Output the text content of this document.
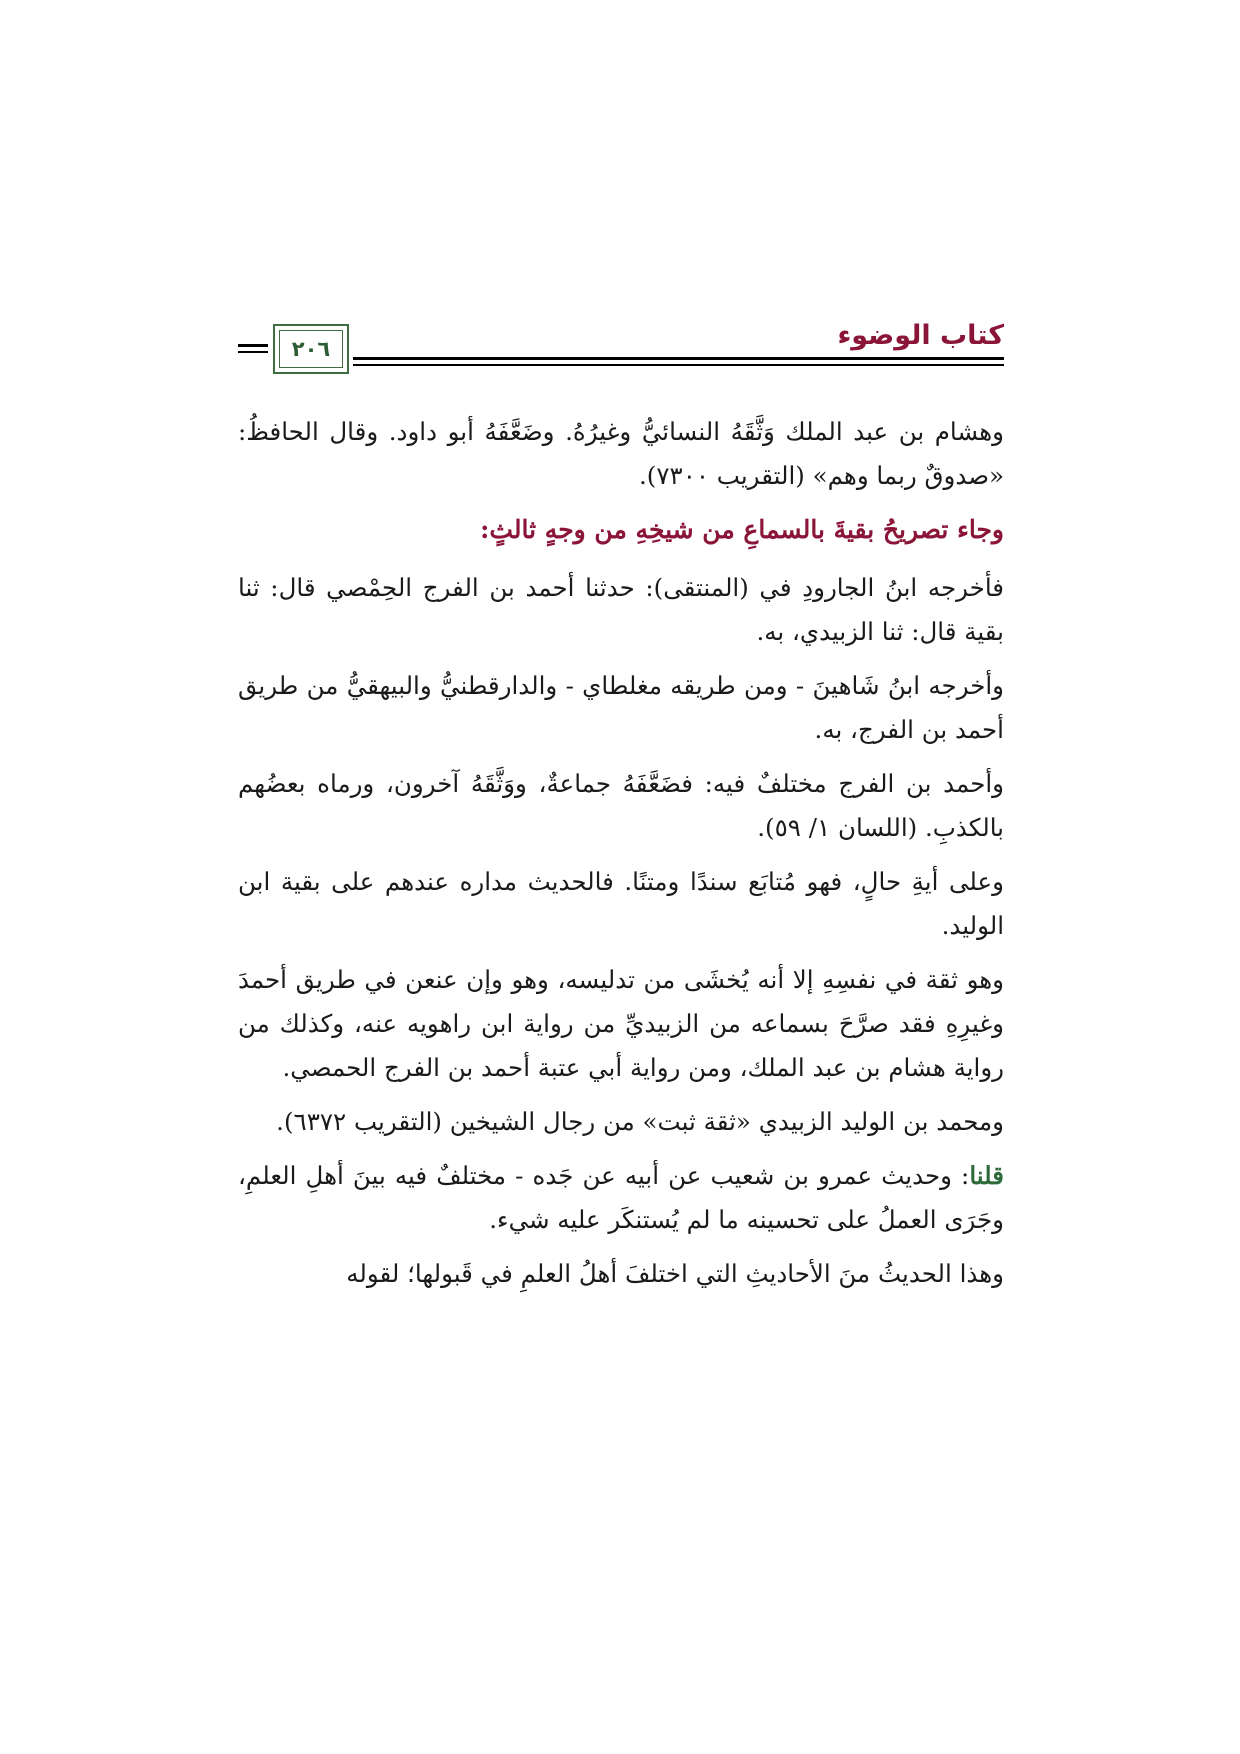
كتاب الوضوء
٢٠٦

وهشام بن عبد الملك وَثَّقَهُ النسائيُّ وغيرُهُ. وضَعَّفَهُ أبو داود. وقال الحافظُ: «صدوقٌ ربما وهم» (التقريب ٧٣٠٠).

وجاء تصريحُ بقيةَ بالسماعِ من شيخِهِ من وجهٍ ثالثٍ:

فأخرجه ابنُ الجارودِ في (المنتقى): حدثنا أحمد بن الفرج الحِمْصي قال: ثنا بقية قال: ثنا الزبيدي، به.

وأخرجه ابنُ شَاهينَ - ومن طريقه مغلطاي - والدارقطنيُّ والبيهقيُّ من طريق أحمد بن الفرج، به.

وأحمد بن الفرج مختلفٌ فيه: فضَعَّفَهُ جماعةٌ، ووَثَّقَهُ آخرون، ورماه بعضُهم بالكذبِ. (اللسان ١/ ٥٩).

وعلى أيةِ حالٍ، فهو مُتابَع سندًا ومتنًا. فالحديث مداره عندهم على بقية ابن الوليد.

وهو ثقة في نفسِهِ إلا أنه يُخشَى من تدليسه، وهو وإن عنعن في طريق أحمدَ وغيرِهِ فقد صرَّحَ بسماعه من الزبيديِّ من رواية ابن راهويه عنه، وكذلك من رواية هشام بن عبد الملك، ومن رواية أبي عتبة أحمد بن الفرج الحمصي.

ومحمد بن الوليد الزبيدي «ثقة ثبت» من رجال الشيخين (التقريب ٦٣٧٢).

قلنا: وحديث عمرو بن شعيب عن أبيه عن جَده - مختلفٌ فيه بينَ أهلِ العلمِ، وجَرَى العملُ على تحسينه ما لم يُستنكَر عليه شيء.

وهذا الحديثُ منَ الأحاديثِ التي اختلفَ أهلُ العلمِ في قَبولها؛ لقوله
